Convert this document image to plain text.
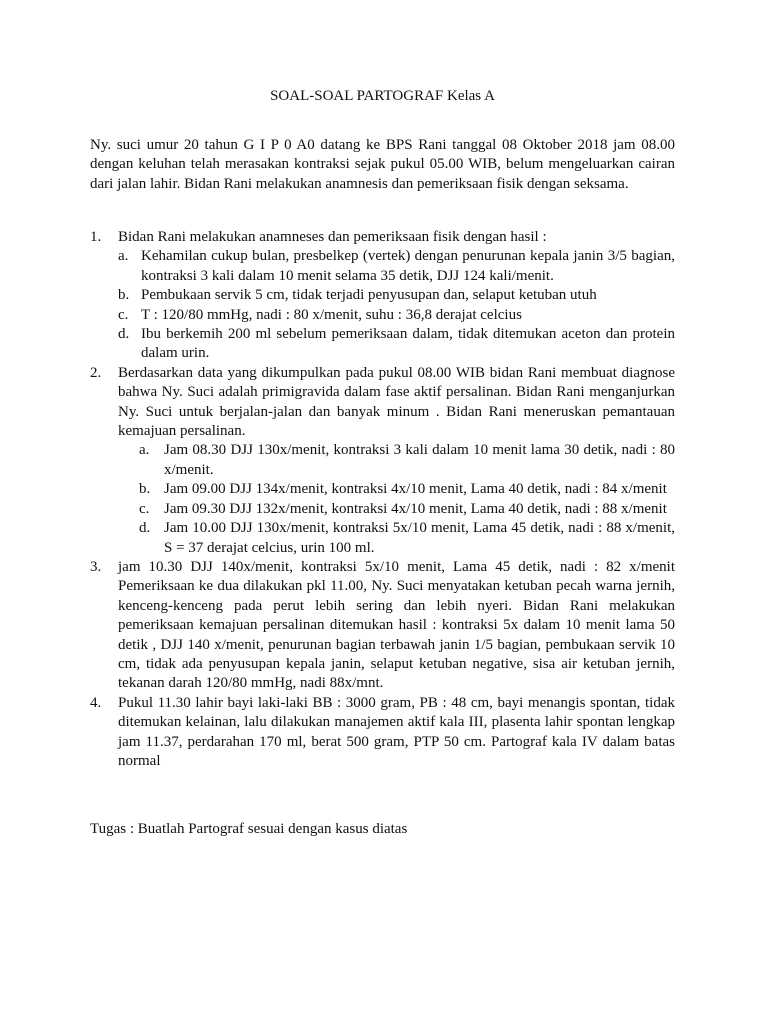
SOAL-SOAL PARTOGRAF Kelas A

Ny. suci umur 20 tahun G I P 0 A0 datang ke BPS Rani tanggal 08 Oktober 2018 jam 08.00 dengan keluhan telah merasakan kontraksi sejak pukul 05.00 WIB, belum mengeluarkan cairan dari jalan lahir. Bidan Rani melakukan anamnesis dan pemeriksaan fisik dengan seksama.

1. Bidan Rani melakukan anamneses dan pemeriksaan fisik dengan hasil :
a. Kehamilan cukup bulan, presbelkep (vertek) dengan penurunan kepala janin 3/5 bagian, kontraksi 3 kali dalam 10 menit selama 35 detik, DJJ 124 kali/menit.
b. Pembukaan servik 5 cm, tidak terjadi penyusupan dan, selaput ketuban utuh
c. T : 120/80 mmHg, nadi : 80 x/menit, suhu : 36,8 derajat celcius
d. Ibu berkemih 200 ml sebelum pemeriksaan dalam, tidak ditemukan aceton dan protein dalam urin.
2. Berdasarkan data yang dikumpulkan pada pukul 08.00 WIB bidan Rani membuat diagnose bahwa Ny. Suci adalah primigravida dalam fase aktif persalinan. Bidan Rani menganjurkan Ny. Suci untuk berjalan-jalan dan banyak minum . Bidan Rani meneruskan pemantauan kemajuan persalinan.
a. Jam 08.30 DJJ 130x/menit, kontraksi 3 kali dalam 10 menit lama 30 detik, nadi : 80 x/menit.
b. Jam 09.00 DJJ 134x/menit, kontraksi 4x/10 menit, Lama 40 detik, nadi : 84 x/menit
c. Jam 09.30 DJJ 132x/menit, kontraksi 4x/10 menit, Lama 40 detik, nadi : 88 x/menit
d. Jam 10.00 DJJ 130x/menit, kontraksi 5x/10 menit, Lama 45 detik, nadi : 88 x/menit, S = 37 derajat celcius, urin 100 ml.
3. jam 10.30 DJJ 140x/menit, kontraksi 5x/10 menit, Lama 45 detik, nadi : 82 x/menit Pemeriksaan ke dua dilakukan pkl 11.00, Ny. Suci menyatakan ketuban pecah warna jernih, kenceng-kenceng pada perut lebih sering dan lebih nyeri. Bidan Rani melakukan pemeriksaan kemajuan persalinan ditemukan hasil : kontraksi 5x dalam 10 menit lama 50 detik , DJJ 140 x/menit, penurunan bagian terbawah janin 1/5 bagian, pembukaan servik 10 cm, tidak ada penyusupan kepala janin, selaput ketuban negative, sisa air ketuban jernih, tekanan darah 120/80 mmHg, nadi 88x/mnt.
4. Pukul 11.30 lahir bayi laki-laki BB : 3000 gram, PB : 48 cm, bayi menangis spontan, tidak ditemukan kelainan, lalu dilakukan manajemen aktif kala III, plasenta lahir spontan lengkap jam 11.37, perdarahan 170 ml, berat 500 gram, PTP 50 cm. Partograf kala IV dalam batas normal

Tugas : Buatlah Partograf sesuai dengan kasus diatas
